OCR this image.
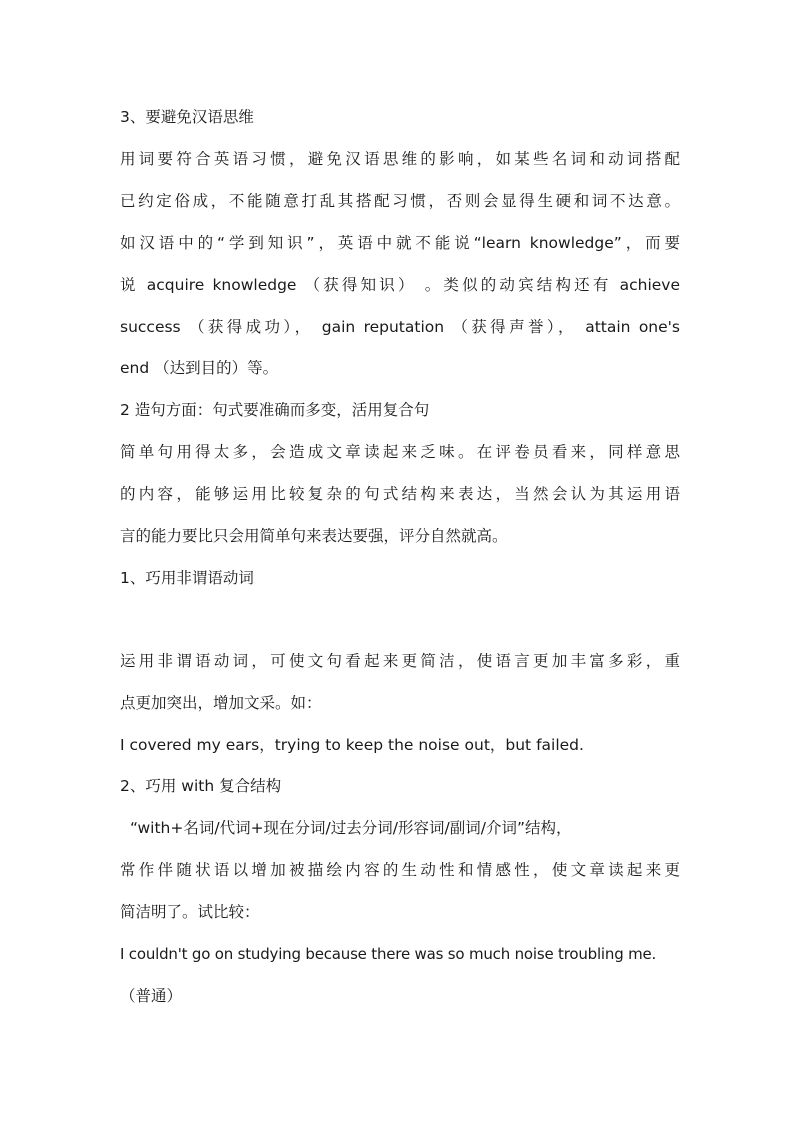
3、要避免汉语思维
用词要符合英语习惯，避免汉语思维的影响，如某些名词和动词搭配
已约定俗成，不能随意打乱其搭配习惯，否则会显得生硬和词不达意。
如汉语中的“学到知识”，英语中就不能说“learn knowledge”，而要
说 acquire knowledge （获得知识） 。类似的动宾结构还有 achieve
success （获得成功）， gain reputation （获得声誉）， attain one's
end （达到目的）等。
2 造句方面：句式要准确而多变，活用复合句
简单句用得太多，会造成文章读起来乏味。在评卷员看来，同样意思
的内容，能够运用比较复杂的句式结构来表达，当然会认为其运用语
言的能力要比只会用简单句来表达要强，评分自然就高。
1、巧用非谓语动词
运用非谓语动词，可使文句看起来更简洁，使语言更加丰富多彩，重
点更加突出，增加文采。如：
I covered my ears，trying to keep the noise out，but failed.
2、巧用 with 复合结构
“with+名词/代词+现在分词/过去分词/形容词/副词/介词”结构，
常作伴随状语以增加被描绘内容的生动性和情感性，使文章读起来更
简洁明了。试比较：
I couldn't go on studying because there was so much noise troubling me.
（普通）
